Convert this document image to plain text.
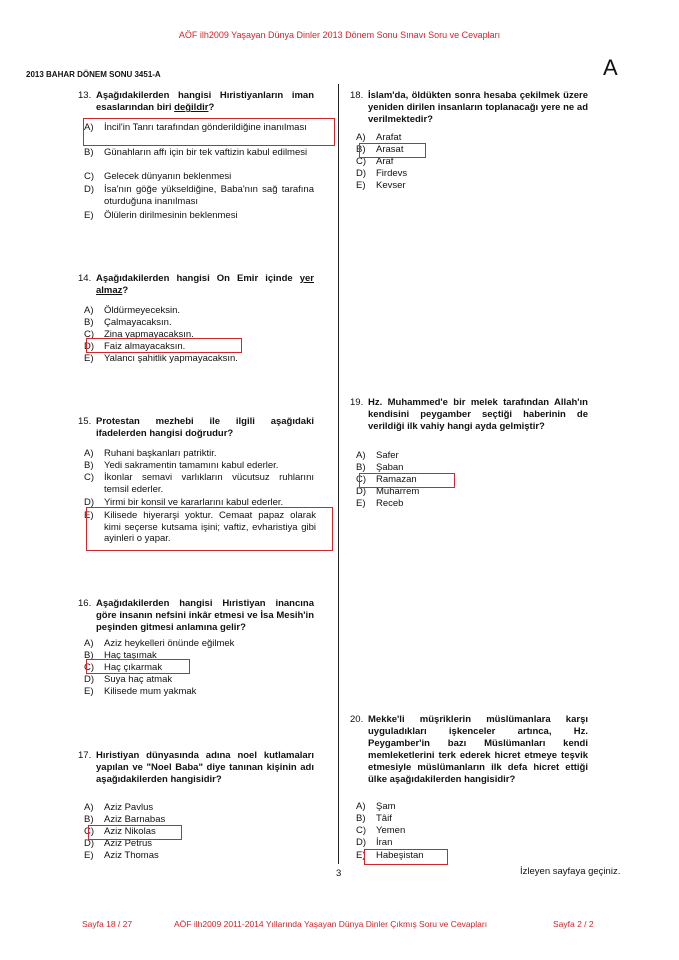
AÖF ilh2009 Yaşayan Dünya Dinler 2013 Dönem Sonu Sınavı Soru ve Cevapları
2013 BAHAR DÖNEM SONU 3451-A	A
13. Aşağıdakilerden hangisi Hıristiyanların iman esaslarından biri değildir?
A) İncil'in Tanrı tarafından gönderildiğine inanılması
B) Günahların affı için bir tek vaftizin kabul edilmesi
C) Gelecek dünyanın beklenmesi
D) İsa'nın göğe yükseldiğine, Baba'nın sağ tarafına oturduğuna inanılması
E) Ölülerin dirilmesinin beklenmesi
14. Aşağıdakilerden hangisi On Emir içinde yer almaz?
A) Öldürmeyeceksin.
B) Çalmayacaksın.
C) Zina yapmayacaksın.
D) Faiz almayacaksın.
E) Yalancı şahitlik yapmayacaksın.
15. Protestan mezhebi ile ilgili aşağıdaki ifadelerden hangisi doğrudur?
A) Ruhani başkanları patriktir.
B) Yedi sakramentin tamamını kabul ederler.
C) İkonlar semavi varlıkların vücutsuz ruhlarını temsil ederler.
D) Yirmi bir konsil ve kararlarını kabul ederler.
E) Kilisede hiyerarşi yoktur. Cemaat papaz olarak kimi seçerse kutsama işini; vaftiz, evharistiya gibi ayinleri o yapar.
16. Aşağıdakilerden hangisi Hıristiyan inancına göre insanın nefsini inkâr etmesi ve İsa Mesih'in peşinden gitmesi anlamına gelir?
A) Aziz heykelleri önünde eğilmek
B) Haç taşımak
C) Haç çıkarmak
D) Suya haç atmak
E) Kilisede mum yakmak
17. Hıristiyan dünyasında adına noel kutlamaları yapılan ve "Noel Baba" diye tanınan kişinin adı aşağıdakilerden hangisidir?
A) Aziz Pavlus
B) Aziz Barnabas
C) Aziz Nikolas
D) Aziz Petrus
E) Aziz Thomas
18. İslam'da, öldükten sonra hesaba çekilmek üzere yeniden dirilen insanların toplanacağı yere ne ad verilmektedir?
A) Arafat
B) Arasat
C) Araf
D) Firdevs
E) Kevser
19. Hz. Muhammed'e bir melek tarafından Allah'ın kendisini peygamber seçtiği haberinin de verildiği ilk vahiy hangi ayda gelmiştir?
A) Safer
B) Şaban
C) Ramazan
D) Muharrem
E) Receb
20. Mekke'li müşriklerin müslümanlara karşı uyguladıkları işkenceler artınca, Hz. Peygamber'in bazı Müslümanları kendi memleketlerini terk ederek hicret etmeye teşvik etmesiyle müslümanların ilk defa hicret ettiği ülke aşağıdakilerden hangisidir?
A) Şam
B) Tâif
C) Yemen
D) İran
E) Habeşistan
3	İzleyen sayfaya geçiniz.
Sayfa 18 / 27	AÖF ilh2009 2011-2014 Yıllarında Yaşayan Dünya Dinler Çıkmış Soru ve Cevapları	Sayfa 2 / 2
